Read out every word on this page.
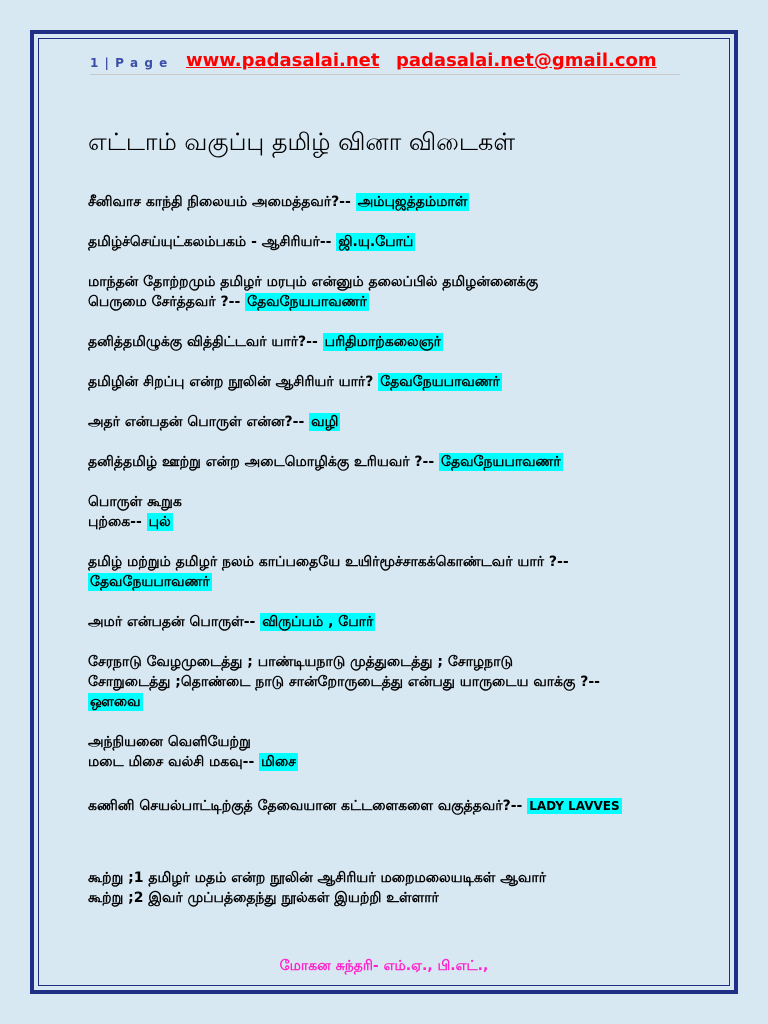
1 | P a g e www.padasalai.net padasalai.net@gmail.com
எட்டாம் வகுப்பு தமிழ் வினா விடைகள்
சீனிவாச காந்தி நிலையம் அமைத்தவர்?-- அம்புஜத்தம்மாள்
தமிழ்ச்செய்யுட்கலம்பகம் - ஆசிரியர்-- ஜி.யு.போப்
மாந்தன் தோற்றமும் தமிழர் மரபும் என்னும் தலைப்பில் தமிழன்னைக்கு
பெருமை சேர்த்தவர் ?-- தேவநேயபாவணர்
தனித்தமிழுக்கு வித்திட்டவர் யார்?-- பரிதிமாற்கலைஞர்
தமிழின் சிறப்பு என்ற நூலின் ஆசிரியர் யார்? தேவநேயபாவணர்
அதர் என்பதன் பொருள் என்ன?-- வழி
தனித்தமிழ் ஊற்று என்ற அடைமொழிக்கு உரியவர் ?-- தேவநேயபாவணர்
பொருள் கூறுக
புற்கை-- புல்
தமிழ் மற்றும் தமிழர் நலம் காப்பதையே உயிர்மூச்சாகக்கொண்டவர் யார் ?--
தேவநேயபாவணர்
அமர் என்பதன் பொருள்-- விருப்பம் , போர்
சேரநாடு வேழமுடைத்து ; பாண்டியநாடு முத்துடைத்து ; சோழநாடு
சோறுடைத்து ;தொண்டை நாடு சான்றோருடைத்து என்பது யாருடைய வாக்கு ?--
ஔவை
அந்நியனை வெளியேற்று
மடை மிசை வல்சி மகவு-- மிசை
கணினி செயல்பாட்டிற்குத் தேவையான கட்டளைகளை வகுத்தவர்?-- LADY LAVVES
கூற்று ;1 தமிழர் மதம் என்ற நூலின் ஆசிரியர் மறைமலையடிகள் ஆவார்
கூற்று ;2 இவர் முப்பத்தைந்து நூல்கள் இயற்றி உள்ளார்
மோகன சுந்தரி- எம்.ஏ., பி.எட்.,
